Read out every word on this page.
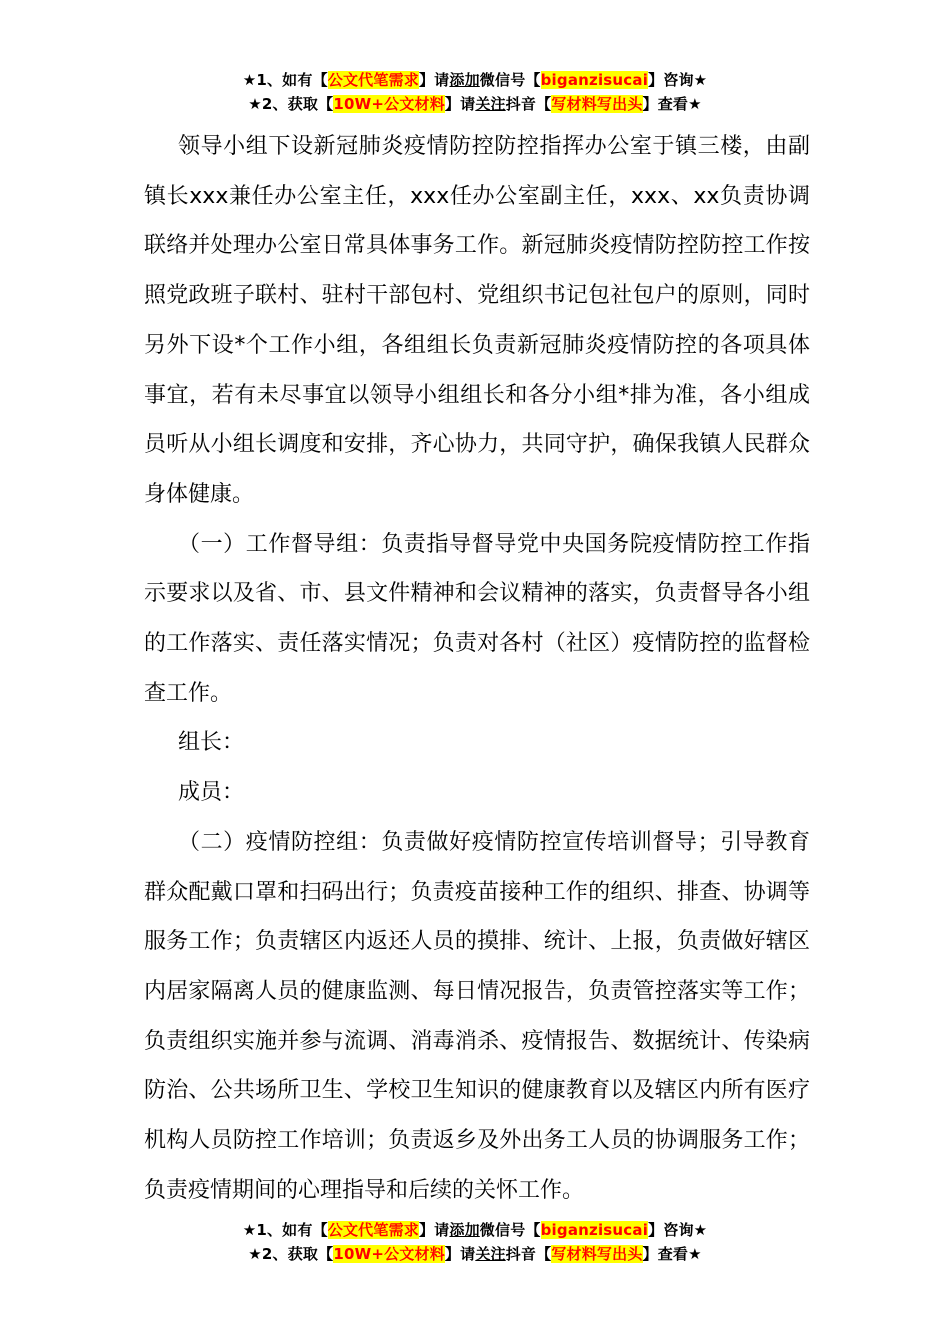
★1、如有【公文代笔需求】请添加微信号【biganzisucai】咨询★
★2、获取【10W+公文材料】请关注抖音【写材料写出头】查看★

领导小组下设新冠肺炎疫情防控防控指挥办公室于镇三楼，由副镇长xxx兼任办公室主任，xxx任办公室副主任，xxx、xx负责协调联络并处理办公室日常具体事务工作。新冠肺炎疫情防控防控工作按照党政班子联村、驻村干部包村、党组织书记包社包户的原则，同时另外下设*个工作小组，各组组长负责新冠肺炎疫情防控的各项具体事宜，若有未尽事宜以领导小组组长和各分小组*排为准，各小组成员听从小组长调度和安排，齐心协力，共同守护，确保我镇人民群众身体健康。

（一）工作督导组：负责指导督导党中央国务院疫情防控工作指示要求以及省、市、县文件精神和会议精神的落实，负责督导各小组的工作落实、责任落实情况；负责对各村（社区）疫情防控的监督检查工作。

组长：

成员：

（二）疫情防控组：负责做好疫情防控宣传培训督导；引导教育群众配戴口罩和扫码出行；负责疫苗接种工作的组织、排查、协调等服务工作；负责辖区内返还人员的摸排、统计、上报，负责做好辖区内居家隔离人员的健康监测、每日情况报告，负责管控落实等工作；负责组织实施并参与流调、消毒消杀、疫情报告、数据统计、传染病防治、公共场所卫生、学校卫生知识的健康教育以及辖区内所有医疗机构人员防控工作培训；负责返乡及外出务工人员的协调服务工作；负责疫情期间的心理指导和后续的关怀工作。

★1、如有【公文代笔需求】请添加微信号【biganzisucai】咨询★
★2、获取【10W+公文材料】请关注抖音【写材料写出头】查看★
